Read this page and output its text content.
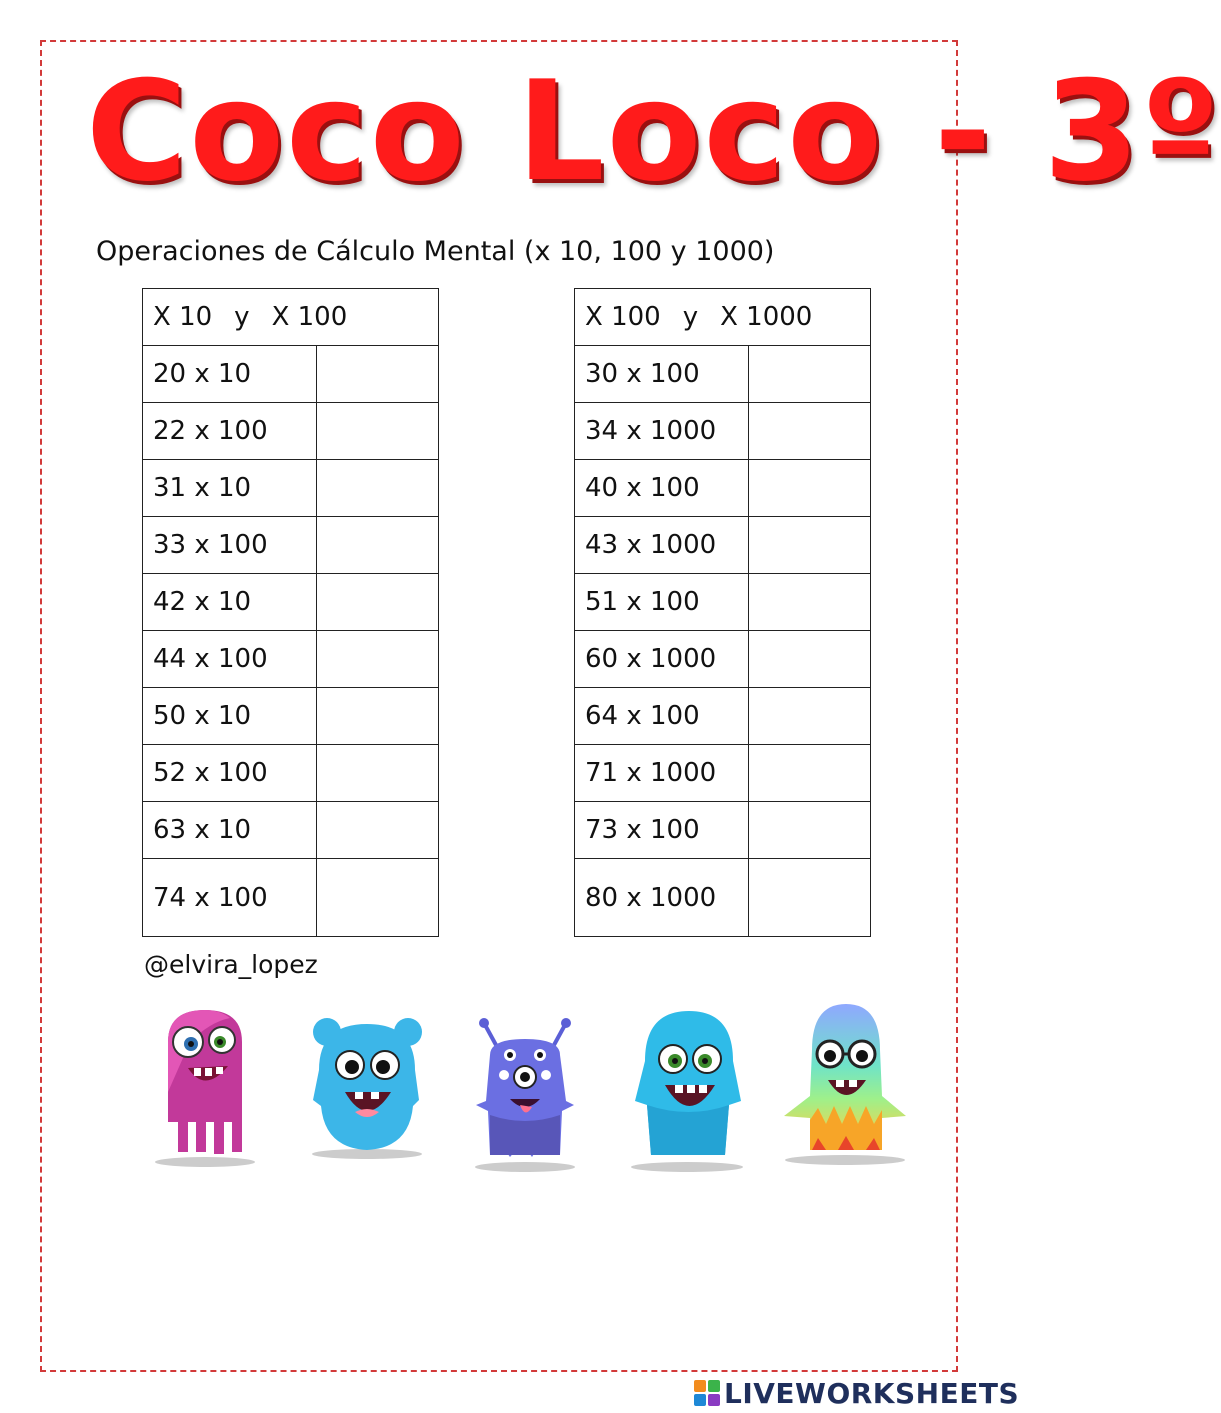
Coco Loco - 3º
Operaciones de Cálculo Mental (x 10, 100 y 1000)
X 10 y X 100	
20 x 10	
22 x 100	
31 x 10	
33 x 100	
42 x 10	
44 x 100	
50 x 10	
52 x 100	
63 x 10	
74 x 100	
X 100 y X 1000	
30 x 100	
34 x 1000	
40 x 100	
43 x 1000	
51 x 100	
60 x 1000	
64 x 100	
71 x 1000	
73 x 100	
80 x 1000	
@elvira_lopez
LIVEWORKSHEETS
